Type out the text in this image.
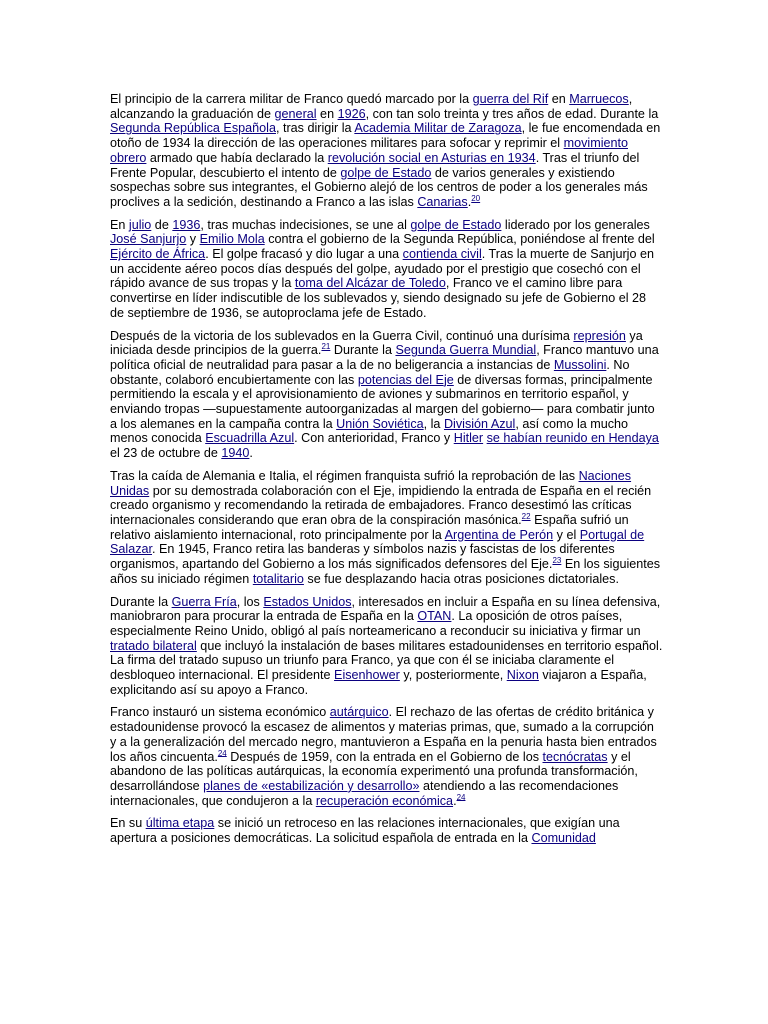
El principio de la carrera militar de Franco quedó marcado por la guerra del Rif en Marruecos, alcanzando la graduación de general en 1926, con tan solo treinta y tres años de edad. Durante la Segunda República Española, tras dirigir la Academia Militar de Zaragoza, le fue encomendada en otoño de 1934 la dirección de las operaciones militares para sofocar y reprimir el movimiento obrero armado que había declarado la revolución social en Asturias en 1934. Tras el triunfo del Frente Popular, descubierto el intento de golpe de Estado de varios generales y existiendo sospechas sobre sus integrantes, el Gobierno alejó de los centros de poder a los generales más proclives a la sedición, destinando a Franco a las islas Canarias.$^{20}$

En julio de 1936, tras muchas indecisiones, se une al golpe de Estado liderado por los generales José Sanjurjo y Emilio Mola contra el gobierno de la Segunda República, poniéndose al frente del Ejército de África. El golpe fracasó y dio lugar a una contienda civil. Tras la muerte de Sanjurjo en un accidente aéreo pocos días después del golpe, ayudado por el prestigio que cosechó con el rápido avance de sus tropas y la toma del Alcázar de Toledo, Franco ve el camino libre para convertirse en líder indiscutible de los sublevados y, siendo designado su jefe de Gobierno el 28 de septiembre de 1936, se autoproclama jefe de Estado.

Después de la victoria de los sublevados en la Guerra Civil, continuó una durísima represión ya iniciada desde principios de la guerra.$^{21}$ Durante la Segunda Guerra Mundial, Franco mantuvo una política oficial de neutralidad para pasar a la de no beligerancia a instancias de Mussolini. No obstante, colaboró encubiertamente con las potencias del Eje de diversas formas, principalmente permitiendo la escala y el aprovisionamiento de aviones y submarinos en territorio español, y enviando tropas —supuestamente autoorganizadas al margen del gobierno— para combatir junto a los alemanes en la campaña contra la Unión Soviética, la División Azul, así como la mucho menos conocida Escuadrilla Azul. Con anterioridad, Franco y Hitler se habían reunido en Hendaya el 23 de octubre de 1940.

Tras la caída de Alemania e Italia, el régimen franquista sufrió la reprobación de las Naciones Unidas por su demostrada colaboración con el Eje, impidiendo la entrada de España en el recién creado organismo y recomendando la retirada de embajadores. Franco desestimó las críticas internacionales considerando que eran obra de la conspiración masónica.$^{22}$ España sufrió un relativo aislamiento internacional, roto principalmente por la Argentina de Perón y el Portugal de Salazar. En 1945, Franco retira las banderas y símbolos nazis y fascistas de los diferentes organismos, apartando del Gobierno a los más significados defensores del Eje.$^{23}$ En los siguientes años su iniciado régimen totalitario se fue desplazando hacia otras posiciones dictatoriales.

Durante la Guerra Fría, los Estados Unidos, interesados en incluir a España en su línea defensiva, maniobraron para procurar la entrada de España en la OTAN. La oposición de otros países, especialmente Reino Unido, obligó al país norteamericano a reconducir su iniciativa y firmar un tratado bilateral que incluyó la instalación de bases militares estadounidenses en territorio español. La firma del tratado supuso un triunfo para Franco, ya que con él se iniciaba claramente el desbloqueo internacional. El presidente Eisenhower y, posteriormente, Nixon viajaron a España, explicitando así su apoyo a Franco.

Franco instauró un sistema económico autárquico. El rechazo de las ofertas de crédito británica y estadounidense provocó la escasez de alimentos y materias primas, que, sumado a la corrupción y a la generalización del mercado negro, mantuvieron a España en la penuria hasta bien entrados los años cincuenta.$^{24}$ Después de 1959, con la entrada en el Gobierno de los tecnócratas y el abandono de las políticas autárquicas, la economía experimentó una profunda transformación, desarrollándose planes de «estabilización y desarrollo» atendiendo a las recomendaciones internacionales, que condujeron a la recuperación económica.$^{24}$

En su última etapa se inició un retroceso en las relaciones internacionales, que exigían una apertura a posiciones democráticas. La solicitud española de entrada en la Comunidad
